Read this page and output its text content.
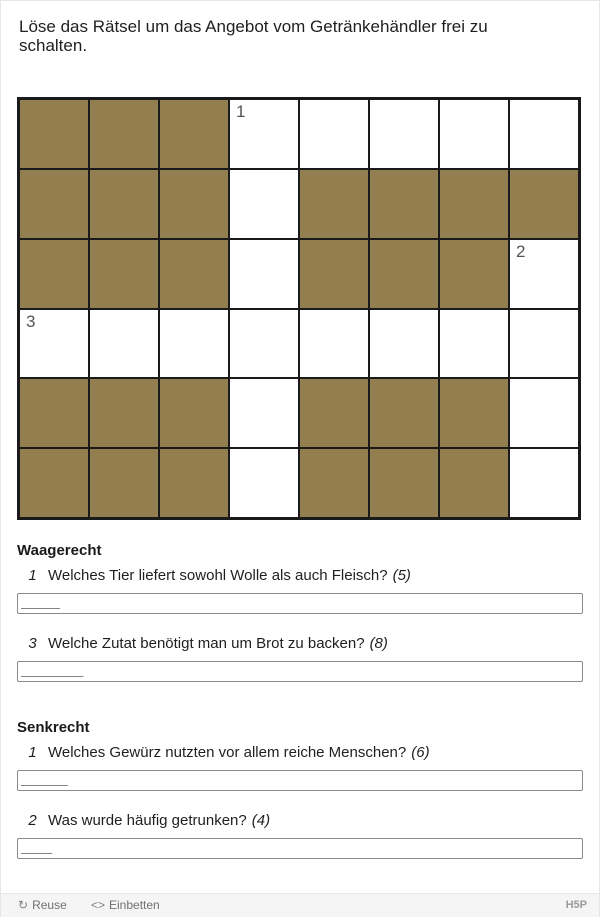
Löse das Rätsel um das Angebot vom Getränkehändler frei zu schalten.
1
2
3
Waagerecht
1 Welches Tier liefert sowohl Wolle als auch Fleisch? (5)
_____
3 Welche Zutat benötigt man um Brot zu backen? (8)
________
Senkrecht
1 Welches Gewürz nutzten vor allem reiche Menschen? (6)
______
2 Was wurde häufig getrunken? (4)
____
↻ Reuse <> Einbetten	H5P
